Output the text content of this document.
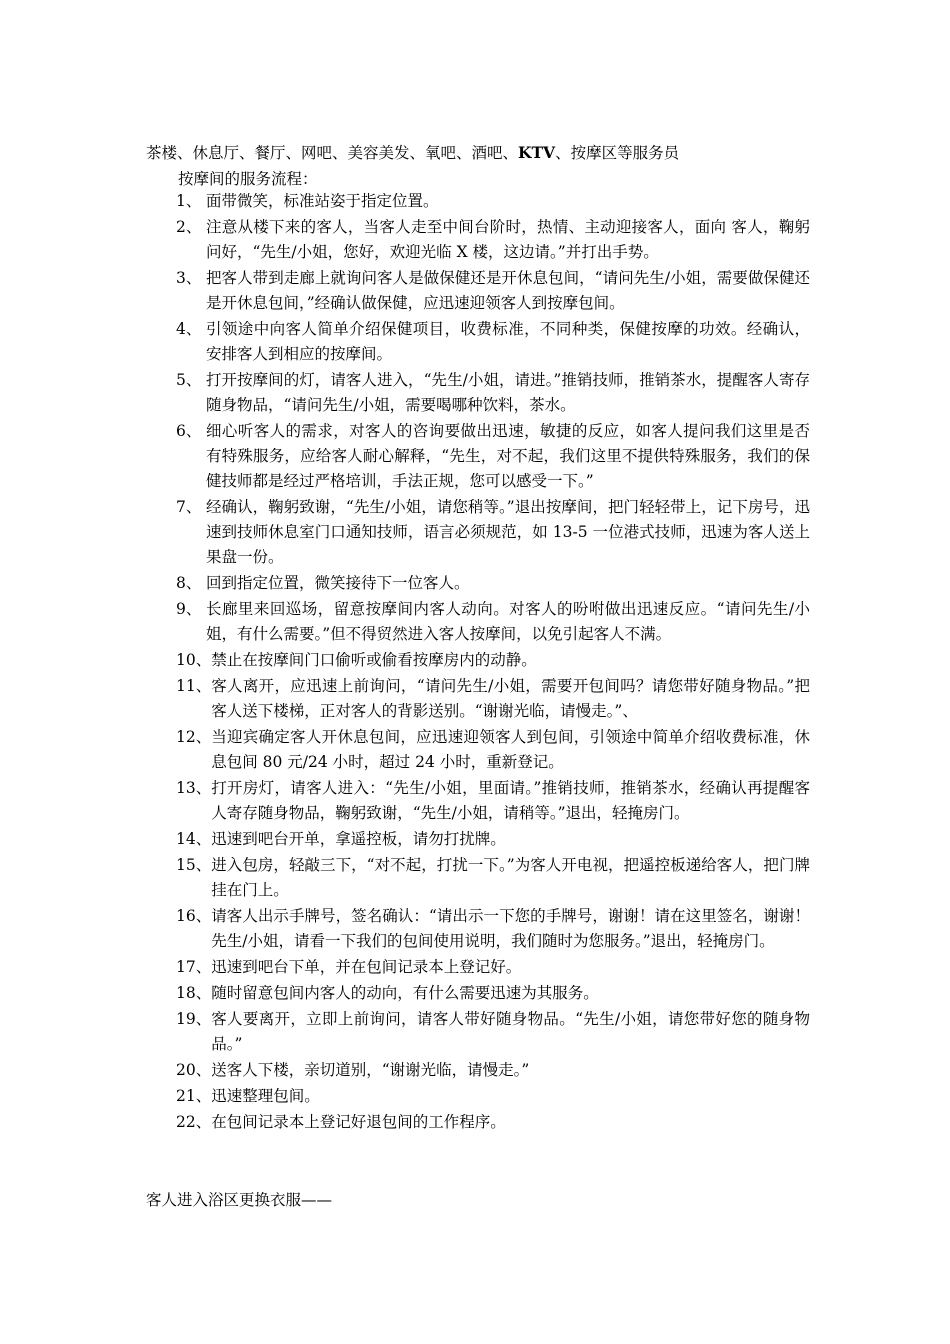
茶楼、休息厅、餐厅、网吧、美容美发、氧吧、酒吧、KTV、按摩区等服务员
按摩间的服务流程：
1、 面带微笑，标准站姿于指定位置。
2、 注意从楼下来的客人，当客人走至中间台阶时，热情、主动迎接客人，面向 客人，鞠躬问好，“先生/小姐，您好，欢迎光临 X 楼，这边请。”并打出手势。
3、 把客人带到走廊上就询问客人是做保健还是开休息包间，“请问先生/小姐，需要做保健还是开休息包间，”经确认做保健，应迅速迎领客人到按摩包间。
4、 引领途中向客人简单介绍保健项目，收费标准，不同种类，保健按摩的功效。经确认，安排客人到相应的按摩间。
5、 打开按摩间的灯，请客人进入，“先生/小姐，请进。”推销技师，推销茶水，提醒客人寄存随身物品，“请问先生/小姐，需要喝哪种饮料，茶水。
6、 细心听客人的需求，对客人的咨询要做出迅速，敏捷的反应，如客人提问我们这里是否有特殊服务，应给客人耐心解释，“先生，对不起，我们这里不提供特殊服务，我们的保健技师都是经过严格培训，手法正规，您可以感受一下。”
7、 经确认，鞠躬致谢，“先生/小姐，请您稍等。”退出按摩间，把门轻轻带上，记下房号，迅速到技师休息室门口通知技师，语言必须规范，如 13-5 一位港式技师，迅速为客人送上果盘一份。
8、 回到指定位置，微笑接待下一位客人。
9、 长廊里来回巡场，留意按摩间内客人动向。对客人的吩咐做出迅速反应。“请问先生/小姐，有什么需要。”但不得贸然进入客人按摩间，以免引起客人不满。
10、 禁止在按摩间门口偷听或偷看按摩房内的动静。
11、 客人离开，应迅速上前询问，“请问先生/小姐，需要开包间吗？请您带好随身物品。”把客人送下楼梯，正对客人的背影送别。“谢谢光临，请慢走。”、
12、 当迎宾确定客人开休息包间，应迅速迎领客人到包间，引领途中简单介绍收费标准，休息包间 80 元/24 小时，超过 24 小时，重新登记。
13、 打开房灯，请客人进入：“先生/小姐，里面请。”推销技师，推销茶水，经确认再提醒客人寄存随身物品，鞠躬致谢，“先生/小姐，请稍等。”退出，轻掩房门。
14、 迅速到吧台开单，拿遥控板，请勿打扰牌。
15、 进入包房，轻敲三下，“对不起，打扰一下。”为客人开电视，把遥控板递给客人，把门牌挂在门上。
16、 请客人出示手牌号，签名确认：“请出示一下您的手牌号，谢谢！请在这里签名，谢谢！先生/小姐，请看一下我们的包间使用说明，我们随时为您服务。”退出，轻掩房门。
17、 迅速到吧台下单，并在包间记录本上登记好。
18、 随时留意包间内客人的动向，有什么需要迅速为其服务。
19、 客人要离开，立即上前询问，请客人带好随身物品。“先生/小姐，请您带好您的随身物品。”
20、 送客人下楼，亲切道别，“谢谢光临，请慢走。”
21、 迅速整理包间。
22、 在包间记录本上登记好退包间的工作程序。
客人进入浴区更换衣服——
